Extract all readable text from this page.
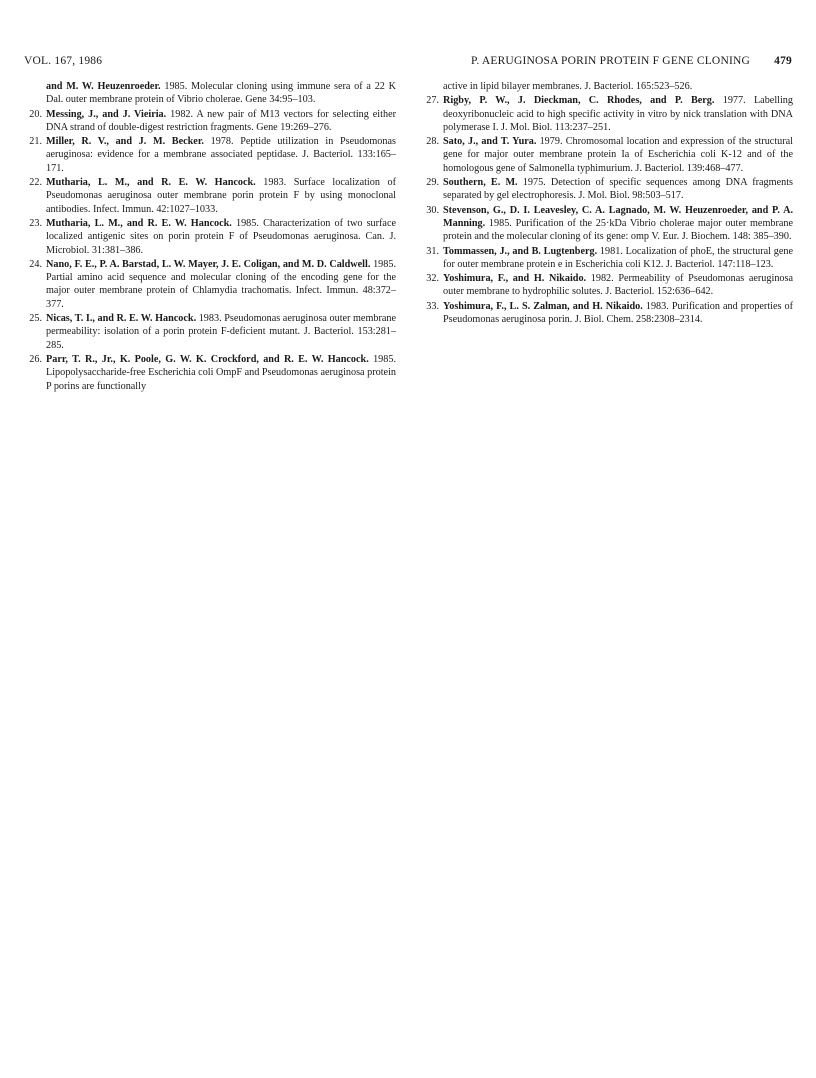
VOL. 167, 1986	P. AERUGINOSA PORIN PROTEIN F GENE CLONING 479

and M. W. Heuzenroeder. 1985. Molecular cloning using immune sera of a 22 K Dal. outer membrane protein of Vibrio cholerae. Gene 34:95–103.

20. Messing, J., and J. Vieiria. 1982. A new pair of M13 vectors for selecting either DNA strand of double-digest restriction fragments. Gene 19:269–276.

21. Miller, R. V., and J. M. Becker. 1978. Peptide utilization in Pseudomonas aeruginosa: evidence for a membrane associated peptidase. J. Bacteriol. 133:165–171.

22. Mutharia, L. M., and R. E. W. Hancock. 1983. Surface localization of Pseudomonas aeruginosa outer membrane porin protein F by using monoclonal antibodies. Infect. Immun. 42:1027–1033.

23. Mutharia, L. M., and R. E. W. Hancock. 1985. Characterization of two surface localized antigenic sites on porin protein F of Pseudomonas aeruginosa. Can. J. Microbiol. 31:381–386.

24. Nano, F. E., P. A. Barstad, L. W. Mayer, J. E. Coligan, and M. D. Caldwell. 1985. Partial amino acid sequence and molecular cloning of the encoding gene for the major outer membrane protein of Chlamydia trachomatis. Infect. Immun. 48:372–377.

25. Nicas, T. I., and R. E. W. Hancock. 1983. Pseudomonas aeruginosa outer membrane permeability: isolation of a porin protein F-deficient mutant. J. Bacteriol. 153:281–285.

26. Parr, T. R., Jr., K. Poole, G. W. K. Crockford, and R. E. W. Hancock. 1985. Lipopolysaccharide-free Escherichia coli OmpF and Pseudomonas aeruginosa protein P porins are functionally

active in lipid bilayer membranes. J. Bacteriol. 165:523–526.

27. Rigby, P. W., J. Dieckman, C. Rhodes, and P. Berg. 1977. Labelling deoxyribonucleic acid to high specific activity in vitro by nick translation with DNA polymerase I. J. Mol. Biol. 113:237–251.

28. Sato, J., and T. Yura. 1979. Chromosomal location and expression of the structural gene for major outer membrane protein Ia of Escherichia coli K-12 and of the homologous gene of Salmonella typhimurium. J. Bacteriol. 139:468–477.

29. Southern, E. M. 1975. Detection of specific sequences among DNA fragments separated by gel electrophoresis. J. Mol. Biol. 98:503–517.

30. Stevenson, G., D. I. Leavesley, C. A. Lagnado, M. W. Heuzenroeder, and P. A. Manning. 1985. Purification of the 25·kDa Vibrio cholerae major outer membrane protein and the molecular cloning of its gene: omp V. Eur. J. Biochem. 148: 385–390.

31. Tommassen, J., and B. Lugtenberg. 1981. Localization of phoE, the structural gene for outer membrane protein e in Escherichia coli K12. J. Bacteriol. 147:118–123.

32. Yoshimura, F., and H. Nikaido. 1982. Permeability of Pseudomonas aeruginosa outer membrane to hydrophilic solutes. J. Bacteriol. 152:636–642.

33. Yoshimura, F., L. S. Zalman, and H. Nikaido. 1983. Purification and properties of Pseudomonas aeruginosa porin. J. Biol. Chem. 258:2308–2314.
